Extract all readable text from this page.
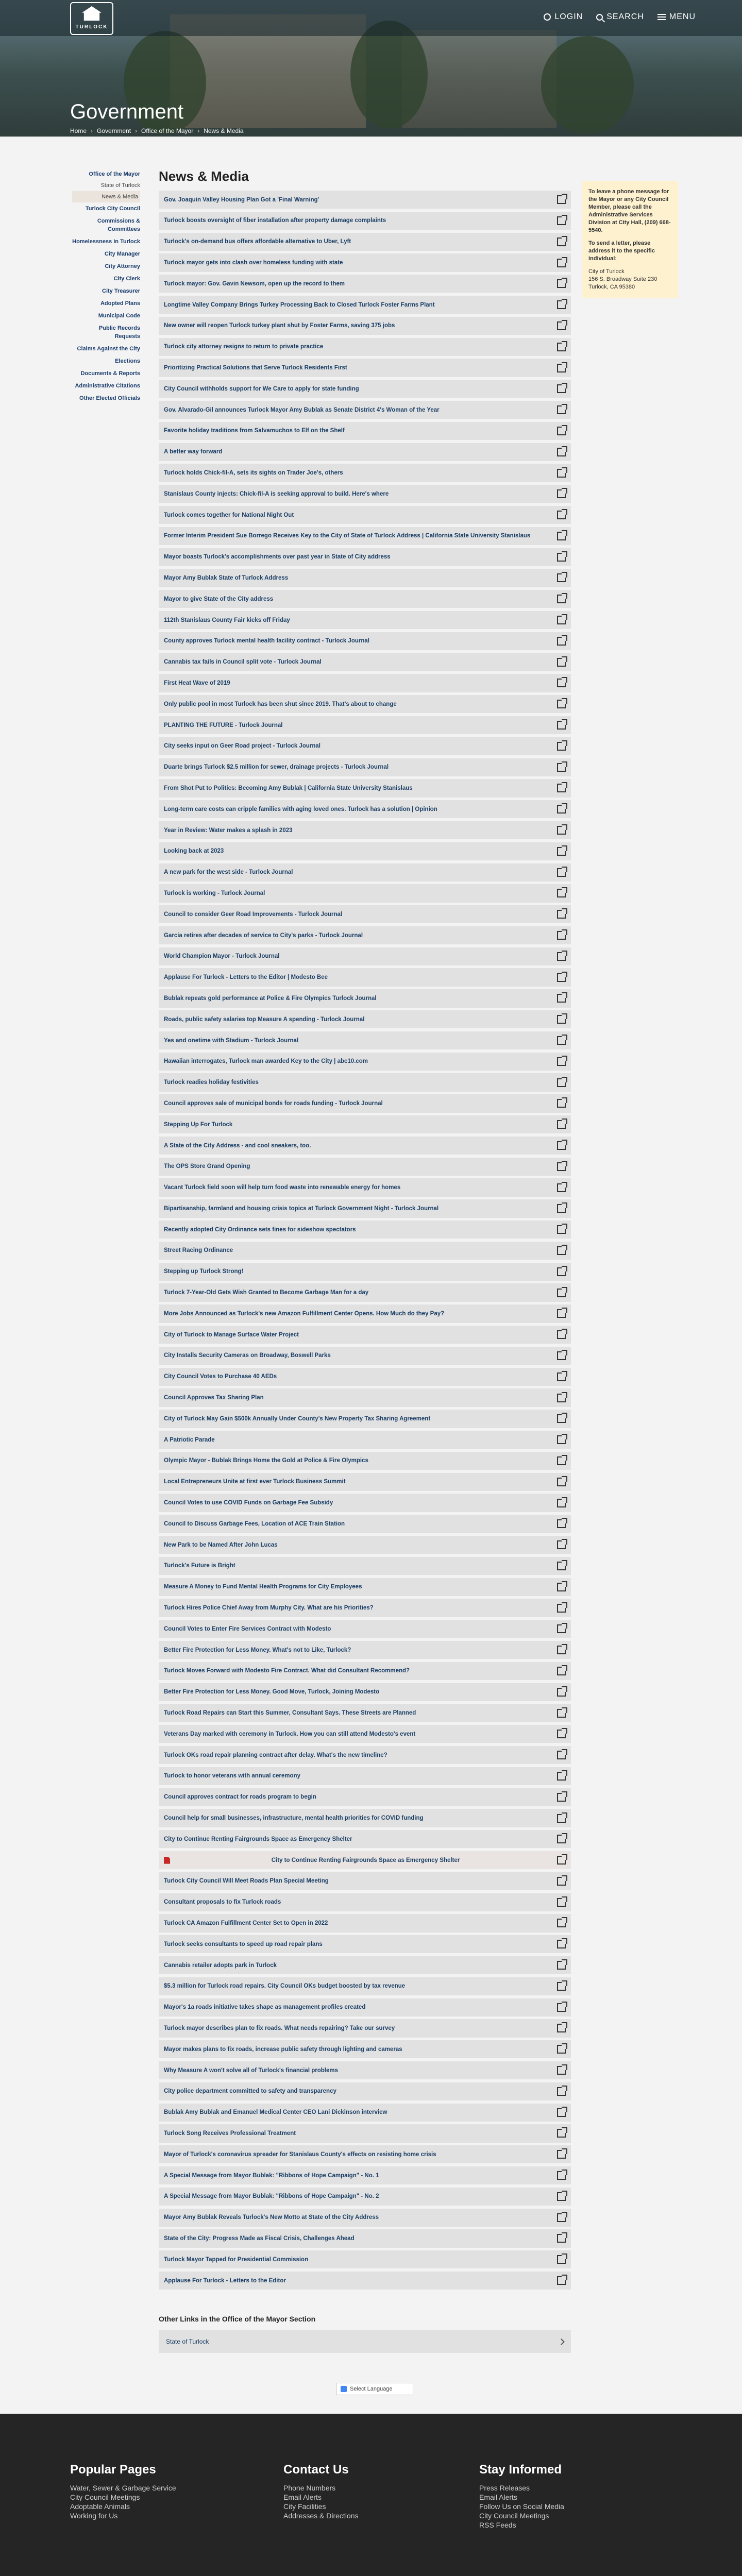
TURLOCK
LOGIN	SEARCH	MENU
Government
Home › Government › Office of the Mayor › News & Media
Office of the Mayor
State of Turlock
News & Media
Turlock City Council
Commissions & Committees
Homelessness in Turlock
City Manager
City Attorney
City Clerk
City Treasurer
Adopted Plans
Municipal Code
Public Records Requests
Claims Against the City
Elections
Documents & Reports
Administrative Citations
Other Elected Officials
News & Media
Gov. Joaquin Valley Housing Plan Got a 'Final Warning'
Turlock boosts oversight of fiber installation after property damage complaints
Turlock's on-demand bus offers affordable alternative to Uber, Lyft
Turlock mayor gets into clash over homeless funding with state
Turlock mayor: Gov. Gavin Newsom, open up the record to them
Longtime Valley Company Brings Turkey Processing Back to Closed Turlock Foster Farms Plant
New owner will reopen Turlock turkey plant shut by Foster Farms, saving 375 jobs
Turlock city attorney resigns to return to private practice
Prioritizing Practical Solutions that Serve Turlock Residents First
City Council withholds support for We Care to apply for state funding
Gov. Alvarado-Gil announces Turlock Mayor Amy Bublak as Senate District 4's Woman of the Year
Favorite holiday traditions from Salvamuchos to Elf on the Shelf
A better way forward
Turlock holds Chick-fil-A, sets its sights on Trader Joe's, others
Stanislaus County injects: Chick-fil-A is seeking approval to build. Here's where
Turlock comes together for National Night Out
Former Interim President Sue Borrego Receives Key to the City of State of Turlock Address | California State University Stanislaus
Mayor boasts Turlock's accomplishments over past year in State of City address
Mayor Amy Bublak State of Turlock Address
Mayor to give State of the City address
112th Stanislaus County Fair kicks off Friday
County approves Turlock mental health facility contract - Turlock Journal
Cannabis tax fails in Council split vote - Turlock Journal
First Heat Wave of 2019
Only public pool in most Turlock has been shut since 2019. That's about to change
PLANTING THE FUTURE - Turlock Journal
City seeks input on Geer Road project - Turlock Journal
Duarte brings Turlock $2.5 million for sewer, drainage projects - Turlock Journal
From Shot Put to Politics: Becoming Amy Bublak | California State University Stanislaus
Long-term care costs can cripple families with aging loved ones. Turlock has a solution | Opinion
Year in Review: Water makes a splash in 2023
Looking back at 2023
A new park for the west side - Turlock Journal
Turlock is working - Turlock Journal
Council to consider Geer Road Improvements - Turlock Journal
Garcia retires after decades of service to City's parks - Turlock Journal
World Champion Mayor - Turlock Journal
Applause For Turlock - Letters to the Editor | Modesto Bee
Bublak repeats gold performance at Police & Fire Olympics Turlock Journal
Roads, public safety salaries top Measure A spending - Turlock Journal
Yes and onetime with Stadium - Turlock Journal
Hawaiian interrogates, Turlock man awarded Key to the City | abc10.com
Turlock readies holiday festivities
Council approves sale of municipal bonds for roads funding - Turlock Journal
Stepping Up For Turlock
A State of the City Address - and cool sneakers, too.
The OPS Store Grand Opening
Vacant Turlock field soon will help turn food waste into renewable energy for homes
Bipartisanship, farmland and housing crisis topics at Turlock Government Night - Turlock Journal
Recently adopted City Ordinance sets fines for sideshow spectators
Street Racing Ordinance
Stepping up Turlock Strong!
Turlock 7-Year-Old Gets Wish Granted to Become Garbage Man for a day
More Jobs Announced as Turlock's new Amazon Fulfillment Center Opens. How Much do they Pay?
City of Turlock to Manage Surface Water Project
City Installs Security Cameras on Broadway, Boswell Parks
City Council Votes to Purchase 40 AEDs
Council Approves Tax Sharing Plan
City of Turlock May Gain $500k Annually Under County's New Property Tax Sharing Agreement
A Patriotic Parade
Olympic Mayor - Bublak Brings Home the Gold at Police & Fire Olympics
Local Entrepreneurs Unite at first ever Turlock Business Summit
Council Votes to use COVID Funds on Garbage Fee Subsidy
Council to Discuss Garbage Fees, Location of ACE Train Station
New Park to be Named After John Lucas
Turlock's Future is Bright
Measure A Money to Fund Mental Health Programs for City Employees
Turlock Hires Police Chief Away from Murphy City. What are his Priorities?
Council Votes to Enter Fire Services Contract with Modesto
Better Fire Protection for Less Money. What's not to Like, Turlock?
Turlock Moves Forward with Modesto Fire Contract. What did Consultant Recommend?
Better Fire Protection for Less Money. Good Move, Turlock, Joining Modesto
Turlock Road Repairs can Start this Summer, Consultant Says. These Streets are Planned
Veterans Day marked with ceremony in Turlock. How you can still attend Modesto's event
Turlock OKs road repair planning contract after delay. What's the new timeline?
Turlock to honor veterans with annual ceremony
Council approves contract for roads program to begin
Council help for small businesses, infrastructure, mental health priorities for COVID funding
City to Continue Renting Fairgrounds Space as Emergency Shelter
City to Continue Renting Fairgrounds Space as Emergency Shelter
Turlock City Council Will Meet Roads Plan Special Meeting
Consultant proposals to fix Turlock roads
Turlock CA Amazon Fulfillment Center Set to Open in 2022
Turlock seeks consultants to speed up road repair plans
Cannabis retailer adopts park in Turlock
$5.3 million for Turlock road repairs. City Council OKs budget boosted by tax revenue
Mayor's 1a roads initiative takes shape as management profiles created
Turlock mayor describes plan to fix roads. What needs repairing? Take our survey
Mayor makes plans to fix roads, increase public safety through lighting and cameras
Why Measure A won't solve all of Turlock's financial problems
City police department committed to safety and transparency
Bublak Amy Bublak and Emanuel Medical Center CEO Lani Dickinson interview
Turlock Song Receives Professional Treatment
Mayor of Turlock's coronavirus spreader for Stanislaus County's effects on resisting home crisis
A Special Message from Mayor Bublak: "Ribbons of Hope Campaign" - No. 1
A Special Message from Mayor Bublak: "Ribbons of Hope Campaign" - No. 2
Mayor Amy Bublak Reveals Turlock's New Motto at State of the City Address
State of the City: Progress Made as Fiscal Crisis, Challenges Ahead
Turlock Mayor Tapped for Presidential Commission
Applause For Turlock - Letters to the Editor

To leave a phone message for the Mayor or any City Council Member, please call the Administrative Services Division at City Hall, (209) 668-5540.

To send a letter, please address it to the specific individual:

City of Turlock
156 S. Broadway Suite 230
Turlock, CA 95380
Other Links in the Office of the Mayor Section
State of Turlock
Select Language
Popular Pages
Water, Sewer & Garbage Service
City Council Meetings
Adoptable Animals
Working for Us
Contact Us
Phone Numbers
Email Alerts
City Facilities
Addresses & Directions
Stay Informed
Press Releases
Email Alerts
Follow Us on Social Media
City Council Meetings
RSS Feeds
